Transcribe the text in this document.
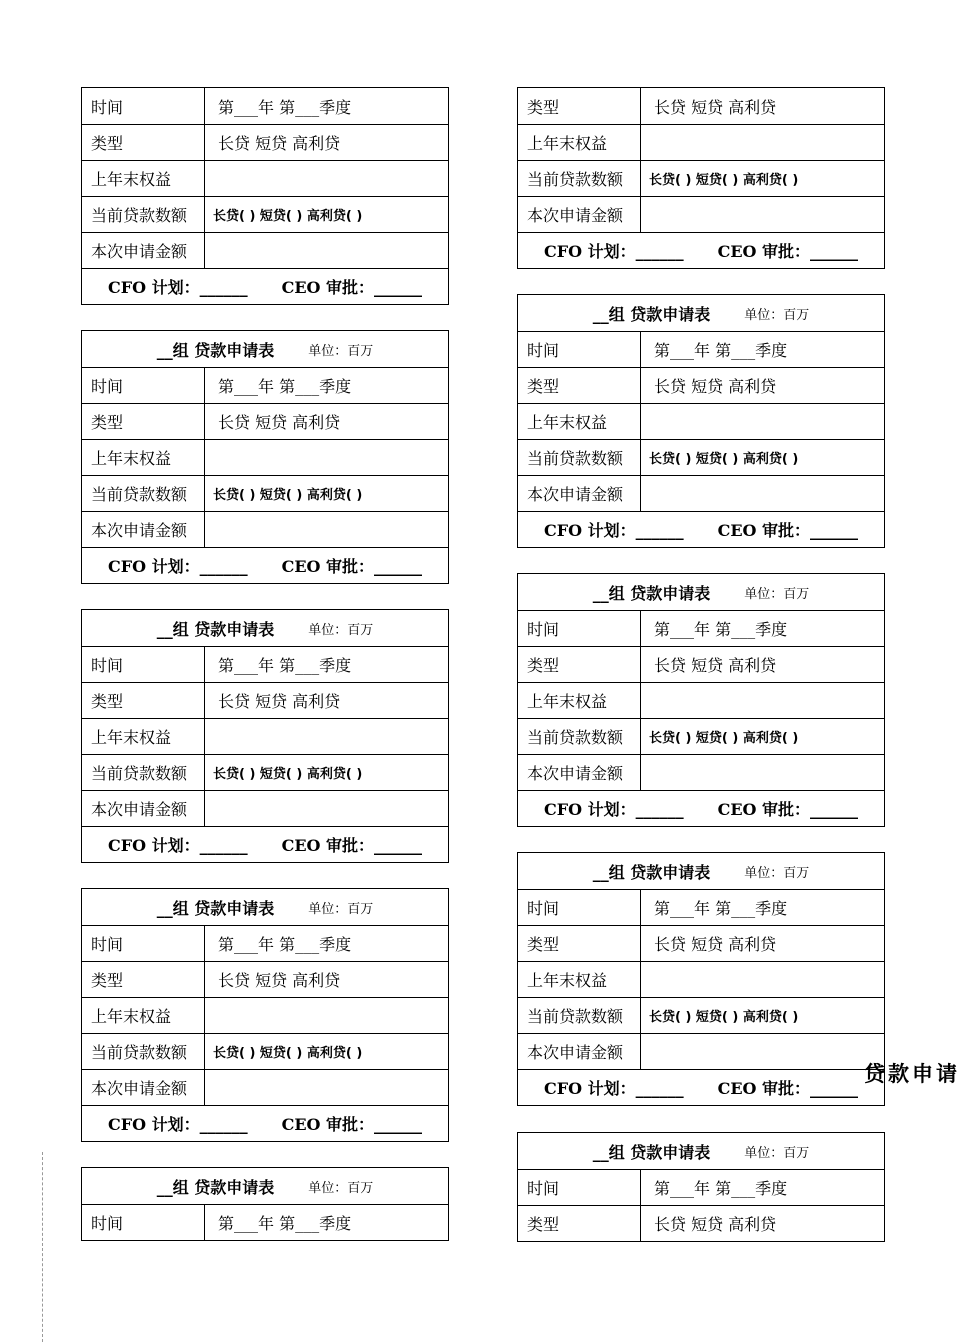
时间	第___年 第___季度
类型	长贷 短贷 高利贷
上年末权益
当前贷款数额	长贷( ) 短贷( ) 高利贷( )
本次申请金额
CFO 计划：______ CEO 审批：______
__组 贷款申请表	单位：百万
时间	第___年 第___季度
类型	长贷 短贷 高利贷
上年末权益
当前贷款数额	长贷( ) 短贷( ) 高利贷( )
本次申请金额
CFO 计划：______ CEO 审批：______
__组 贷款申请表	单位：百万
时间	第___年 第___季度
类型	长贷 短贷 高利贷
上年末权益
当前贷款数额	长贷( ) 短贷( ) 高利贷( )
本次申请金额
CFO 计划：______ CEO 审批：______
__组 贷款申请表	单位：百万
时间	第___年 第___季度
类型	长贷 短贷 高利贷
上年末权益
当前贷款数额	长贷( ) 短贷( ) 高利贷( )
本次申请金额
CFO 计划：______ CEO 审批：______
__组 贷款申请表	单位：百万
时间	第___年 第___季度
类型	长贷 短贷 高利贷
上年末权益
当前贷款数额	长贷( ) 短贷( ) 高利贷( )
本次申请金额
CFO 计划：______ CEO 审批：______
__组 贷款申请表	单位：百万
时间	第___年 第___季度
类型	长贷 短贷 高利贷
上年末权益
当前贷款数额	长贷( ) 短贷( ) 高利贷( )
本次申请金额
CFO 计划：______ CEO 审批：______
__组 贷款申请表	单位：百万
时间	第___年 第___季度
类型	长贷 短贷 高利贷
上年末权益
当前贷款数额	长贷( ) 短贷( ) 高利贷( )
本次申请金额
CFO 计划：______ CEO 审批：______
__组 贷款申请表	单位：百万
时间	第___年 第___季度
类型	长贷 短贷 高利贷
上年末权益
当前贷款数额	长贷( ) 短贷( ) 高利贷( )
本次申请金额
CFO 计划：______ CEO 审批：______
__组 贷款申请表	单位：百万
时间	第___年 第___季度
类型	长贷 短贷 高利贷
贷款申请
